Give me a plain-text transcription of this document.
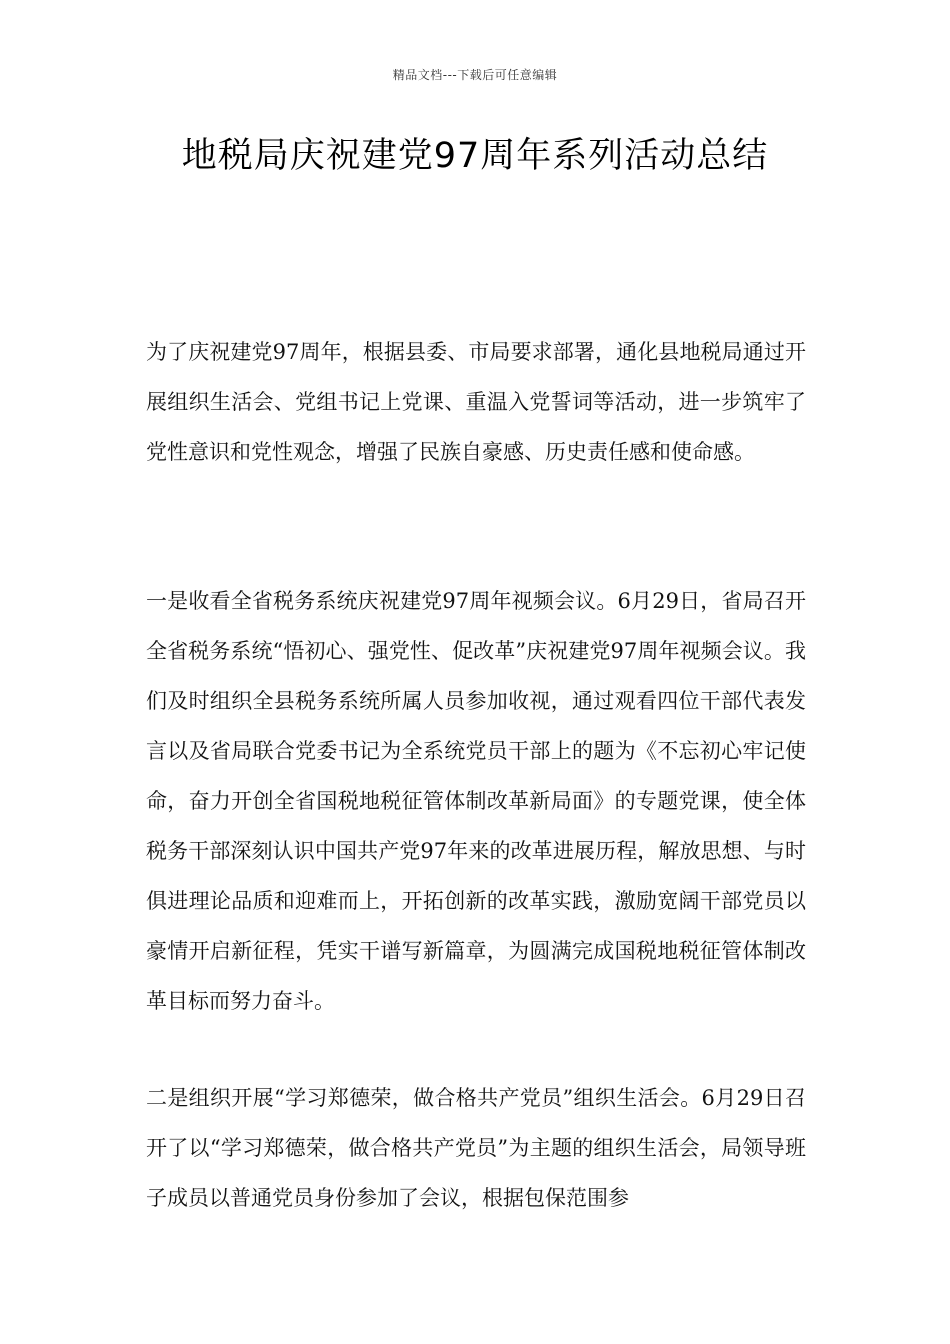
精品文档---下载后可任意编辑
地税局庆祝建党97周年系列活动总结

为了庆祝建党97周年，根据县委、市局要求部署，通化县地税局通过开展组织生活会、党组书记上党课、重温入党誓词等活动，进一步筑牢了党性意识和党性观念，增强了民族自豪感、历史责任感和使命感。

一是收看全省税务系统庆祝建党97周年视频会议。6月29日，省局召开全省税务系统“悟初心、强党性、促改革”庆祝建党97周年视频会议。我们及时组织全县税务系统所属人员参加收视，通过观看四位干部代表发言以及省局联合党委书记为全系统党员干部上的题为《不忘初心牢记使命，奋力开创全省国税地税征管体制改革新局面》的专题党课，使全体税务干部深刻认识中国共产党97年来的改革进展历程，解放思想、与时俱进理论品质和迎难而上，开拓创新的改革实践，激励宽阔干部党员以豪情开启新征程，凭实干谱写新篇章，为圆满完成国税地税征管体制改革目标而努力奋斗。

二是组织开展“学习郑德荣，做合格共产党员”组织生活会。6月29日召开了以“学习郑德荣，做合格共产党员”为主题的组织生活会，局领导班子成员以普通党员身份参加了会议，根据包保范围参
